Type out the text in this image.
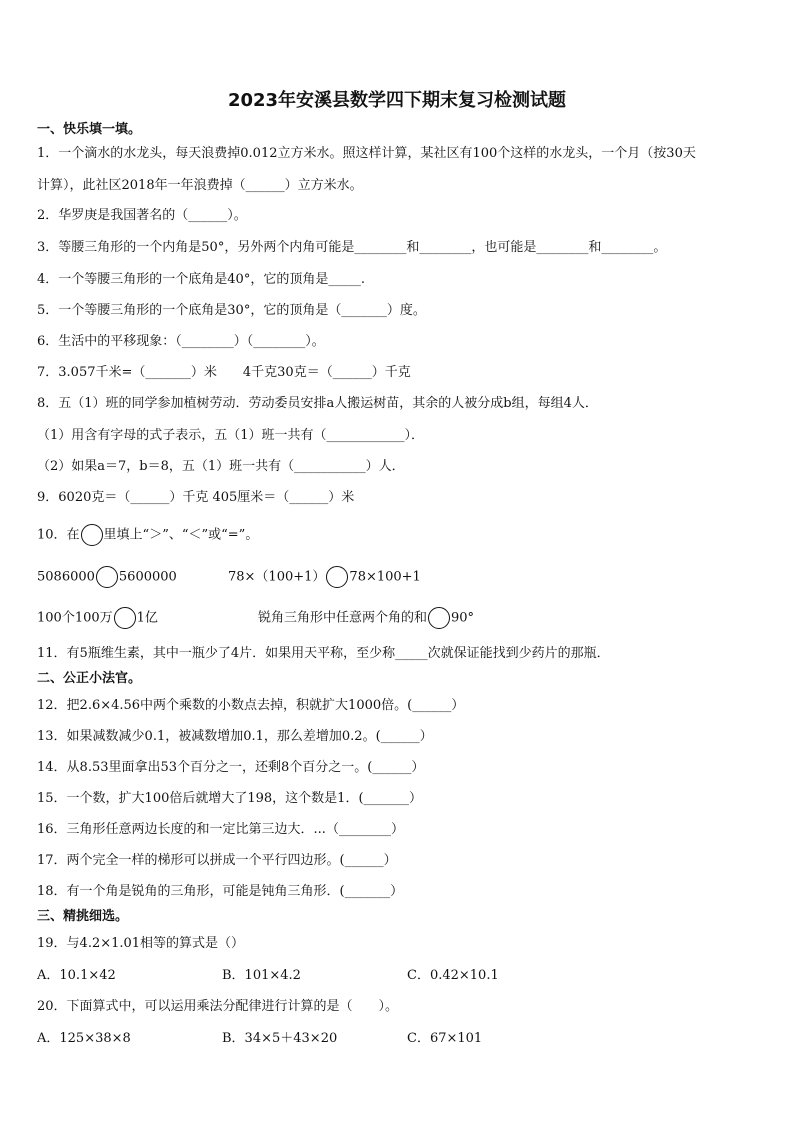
2023年安溪县数学四下期末复习检测试题
一、快乐填一填。
1．一个滴水的水龙头，每天浪费掉0.012立方米水。照这样计算，某社区有100个这样的水龙头，一个月（按30天
计算），此社区2018年一年浪费掉（______）立方米水。
2．华罗庚是我国著名的（______）。
3．等腰三角形的一个内角是50°，另外两个内角可能是________和________，也可能是________和________。
4．一个等腰三角形的一个底角是40°，它的顶角是_____.
5．一个等腰三角形的一个底角是30°，它的顶角是（_______）度。
6．生活中的平移现象：（________）（________）。
7．3.057千米=（_______）米　　4千克30克＝（______）千克
8．五（1）班的同学参加植树劳动．劳动委员安排a人搬运树苗，其余的人被分成b组，每组4人．
（1）用含有字母的式子表示，五（1）班一共有（____________）．
（2）如果a＝7，b＝8，五（1）班一共有（___________）人．
9．6020克＝（______）千克 405厘米＝（______）米
10．在 里填上“＞”、“＜”或“=”。
5086000 5600000	78×（100+1） 78×100+1
100个100万 1亿	锐角三角形中任意两个角的和 90°
11．有5瓶维生素，其中一瓶少了4片．如果用天平称，至少称_____次就保证能找到少药片的那瓶．
二、公正小法官。
12．把2.6×4.56中两个乘数的小数点去掉，积就扩大1000倍。(______）
13．如果减数减少0.1，被减数增加0.1，那么差增加0.2。(______）
14．从8.53里面拿出53个百分之一，还剩8个百分之一。(______）
15．一个数，扩大100倍后就增大了198，这个数是1．(_______）
16．三角形任意两边长度的和一定比第三边大．...（________）
17．两个完全一样的梯形可以拼成一个平行四边形。(______）
18．有一个角是锐角的三角形，可能是钝角三角形．(_______）
三、精挑细选。
19．与4.2×1.01相等的算式是（）
A．10.1×42	B．101×4.2	C．0.42×10.1
20．下面算式中，可以运用乘法分配律进行计算的是（　　）。
A．125×38×8	B．34×5＋43×20	C．67×101
